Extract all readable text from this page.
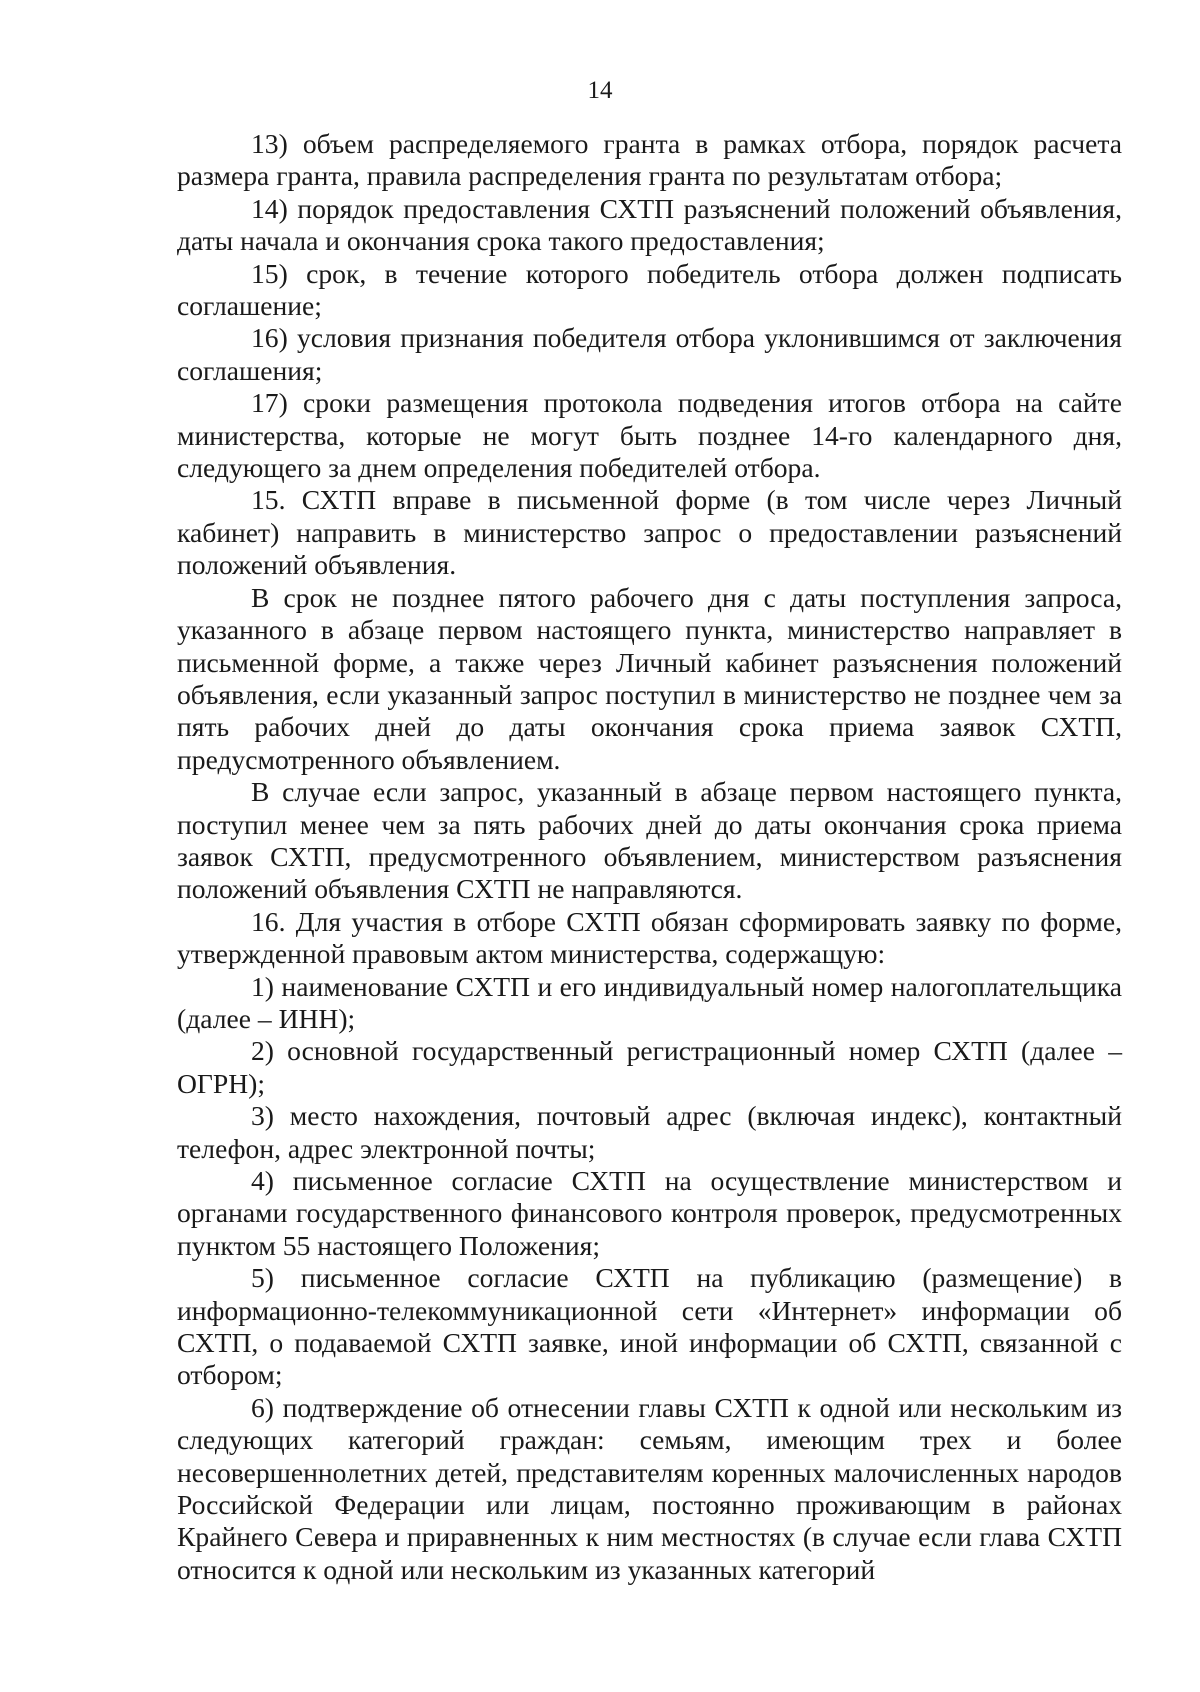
14

13) объем распределяемого гранта в рамках отбора, порядок расчета размера гранта, правила распределения гранта по результатам отбора;

14) порядок предоставления СХТП разъяснений положений объявления, даты начала и окончания срока такого предоставления;

15) срок, в течение которого победитель отбора должен подписать соглашение;

16) условия признания победителя отбора уклонившимся от заключения соглашения;

17) сроки размещения протокола подведения итогов отбора на сайте министерства, которые не могут быть позднее 14-го календарного дня, следующего за днем определения победителей отбора.

15. СХТП вправе в письменной форме (в том числе через Личный кабинет) направить в министерство запрос о предоставлении разъяснений положений объявления.

В срок не позднее пятого рабочего дня с даты поступления запроса, указанного в абзаце первом настоящего пункта, министерство направляет в письменной форме, а также через Личный кабинет разъяснения положений объявления, если указанный запрос поступил в министерство не позднее чем за пять рабочих дней до даты окончания срока приема заявок СХТП, предусмотренного объявлением.

В случае если запрос, указанный в абзаце первом настоящего пункта, поступил менее чем за пять рабочих дней до даты окончания срока приема заявок СХТП, предусмотренного объявлением, министерством разъяснения положений объявления СХТП не направляются.

16. Для участия в отборе СХТП обязан сформировать заявку по форме, утвержденной правовым актом министерства, содержащую:

1) наименование СХТП и его индивидуальный номер налогоплательщика (далее – ИНН);

2) основной государственный регистрационный номер СХТП (далее – ОГРН);

3) место нахождения, почтовый адрес (включая индекс), контактный телефон, адрес электронной почты;

4) письменное согласие СХТП на осуществление министерством и органами государственного финансового контроля проверок, предусмотренных пунктом 55 настоящего Положения;

5) письменное согласие СХТП на публикацию (размещение) в информационно-телекоммуникационной сети «Интернет» информации об СХТП, о подаваемой СХТП заявке, иной информации об СХТП, связанной с отбором;

6) подтверждение об отнесении главы СХТП к одной или нескольким из следующих категорий граждан: семьям, имеющим трех и более несовершеннолетних детей, представителям коренных малочисленных народов Российской Федерации или лицам, постоянно проживающим в районах Крайнего Севера и приравненных к ним местностях (в случае если глава СХТП относится к одной или нескольким из указанных категорий
